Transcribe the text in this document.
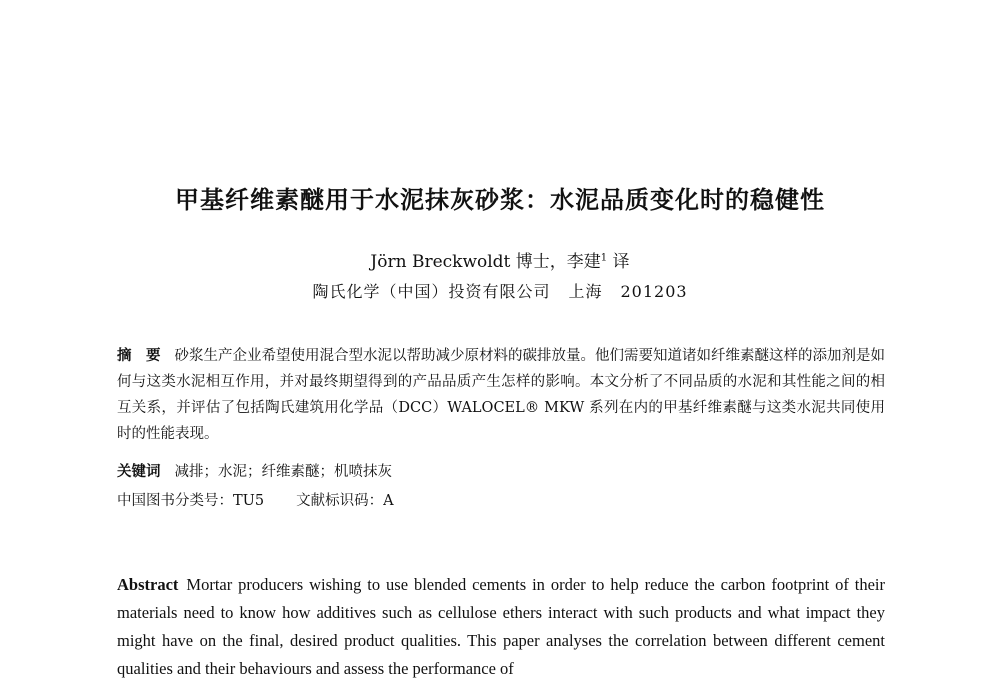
甲基纤维素醚用于水泥抹灰砂浆：水泥品质变化时的稳健性
Jörn Breckwoldt 博士，李建$^1$ 译
陶氏化学（中国）投资有限公司 上海 201203
摘　要 砂浆生产企业希望使用混合型水泥以帮助减少原材料的碳排放量。他们需要知道诸如纤维素醚这样的添加剂是如何与这类水泥相互作用，并对最终期望得到的产品品质产生怎样的影响。本文分析了不同品质的水泥和其性能之间的相互关系，并评估了包括陶氏建筑用化学品（DCC）WALOCEL® MKW 系列在内的甲基纤维素醚与这类水泥共同使用时的性能表现。
关键词 减排；水泥；纤维素醚；机喷抹灰
中国图书分类号：TU5 文献标识码：A
Abstract Mortar producers wishing to use blended cements in order to help reduce the carbon footprint of their materials need to know how additives such as cellulose ethers interact with such products and what impact they might have on the final, desired product qualities. This paper analyses the correlation between different cement qualities and their behaviours and assess the performance of
